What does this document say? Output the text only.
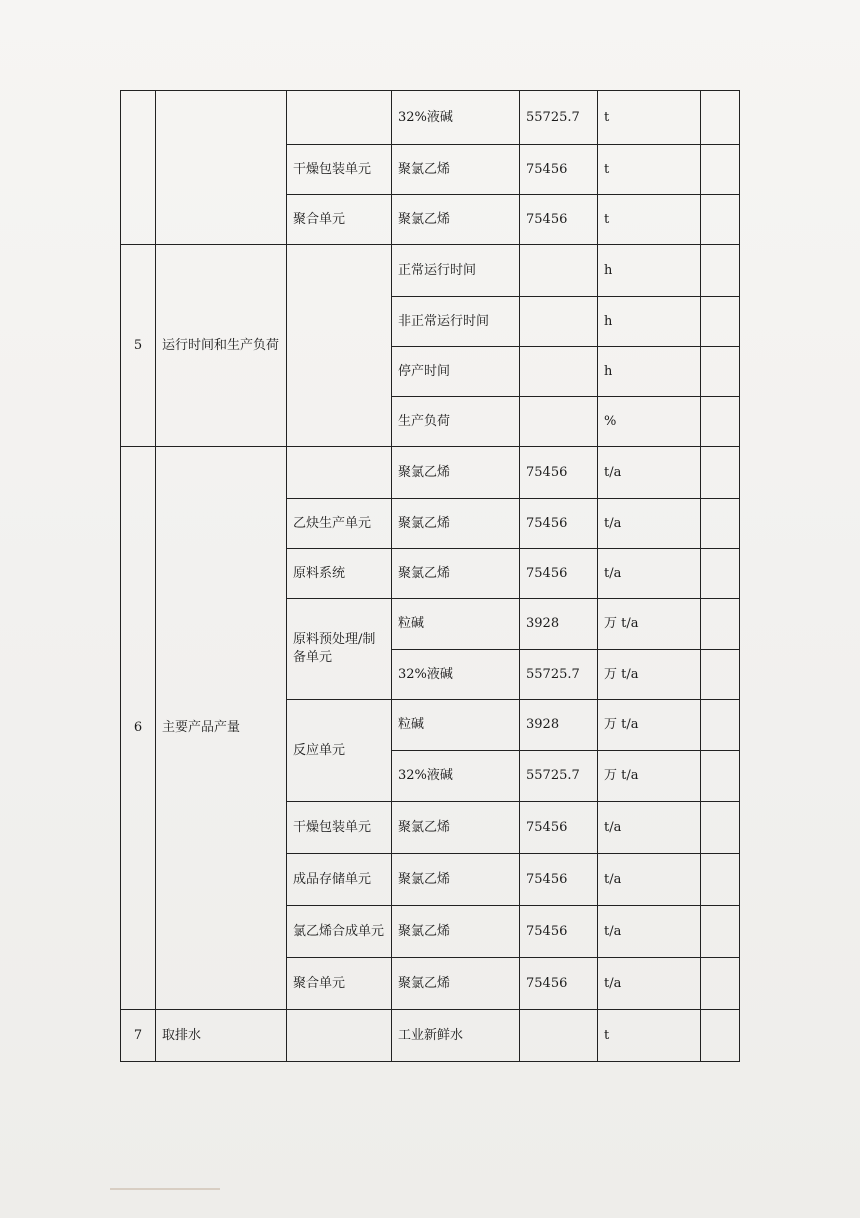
			32%液碱	55725.7	t	
		干燥包装单元	聚氯乙烯	75456	t	
		聚合单元	聚氯乙烯	75456	t	
5	运行时间和生产负荷		正常运行时间		h	
			非正常运行时间		h	
			停产时间		h	
			生产负荷		%	
6	主要产品产量		聚氯乙烯	75456	t/a	
		乙炔生产单元	聚氯乙烯	75456	t/a	
		原料系统	聚氯乙烯	75456	t/a	
		原料预处理/制备单元	粒碱	3928	万 t/a	
			32%液碱	55725.7	万 t/a	
		反应单元	粒碱	3928	万 t/a	
			32%液碱	55725.7	万 t/a	
		干燥包装单元	聚氯乙烯	75456	t/a	
		成品存储单元	聚氯乙烯	75456	t/a	
		氯乙烯合成单元	聚氯乙烯	75456	t/a	
		聚合单元	聚氯乙烯	75456	t/a	
7	取排水		工业新鲜水		t	
